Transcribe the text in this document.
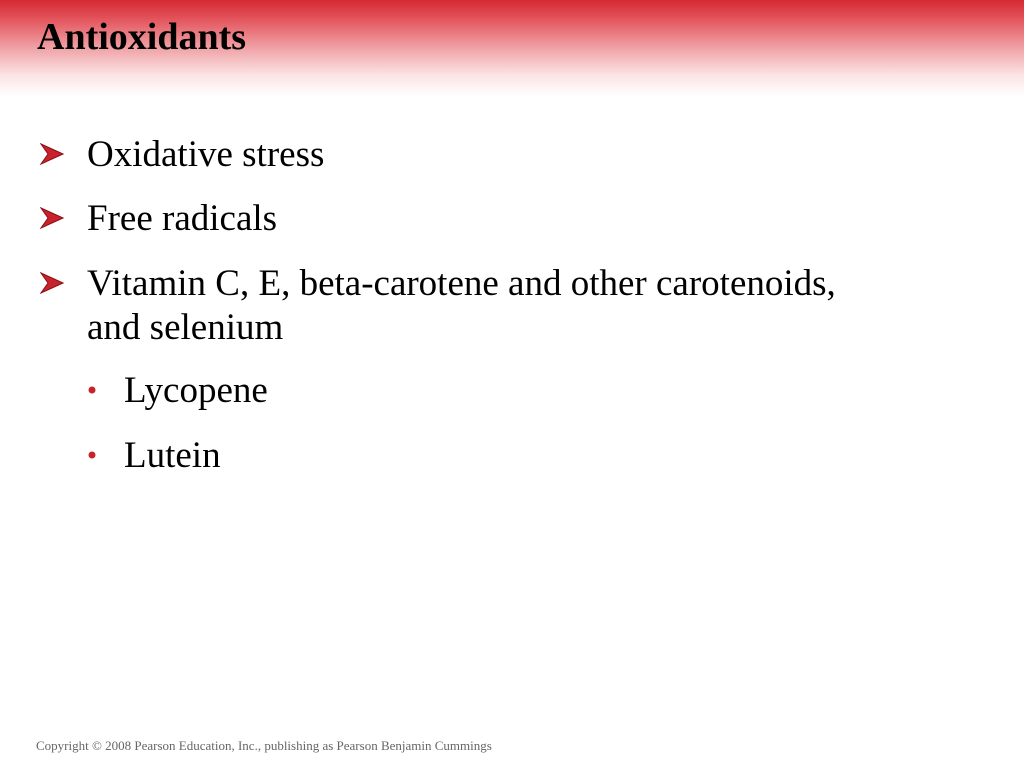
Antioxidants
Oxidative stress
Free radicals
Vitamin C, E, beta-carotene and other carotenoids,
and selenium
Lycopene
Lutein
Copyright © 2008 Pearson Education, Inc., publishing as Pearson Benjamin Cummings
